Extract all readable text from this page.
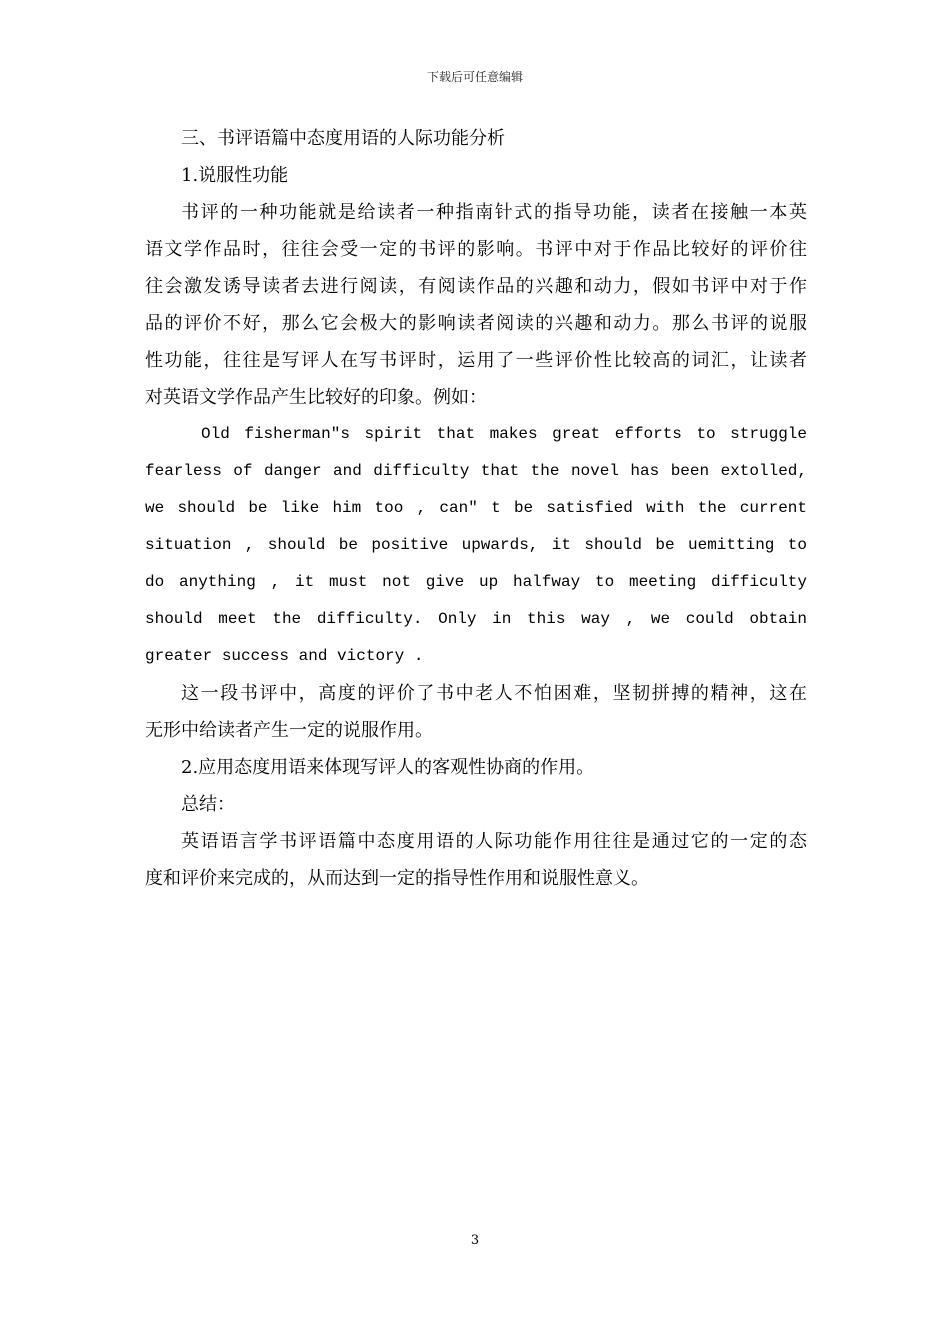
下载后可任意编辑
三、书评语篇中态度用语的人际功能分析
1.说服性功能
书评的一种功能就是给读者一种指南针式的指导功能，读者在接触一本英
语文学作品时，往往会受一定的书评的影响。书评中对于作品比较好的评价往
往会激发诱导读者去进行阅读，有阅读作品的兴趣和动力，假如书评中对于作
品的评价不好，那么它会极大的影响读者阅读的兴趣和动力。那么书评的说服
性功能，往往是写评人在写书评时，运用了一些评价性比较高的词汇，让读者
对英语文学作品产生比较好的印象。例如：
Old fisherman″s spirit that makes great efforts to struggle
fearless of danger and difficulty that the novel has been extolled,
we should be like him too , can″ t be satisfied with the current
situation , should be positive upwards, it should be uemitting to
do anything , it must not give up halfway to meeting difficulty
should meet the difficulty. Only in this way , we could obtain
greater success and victory .
这一段书评中，高度的评价了书中老人不怕困难，坚韧拼搏的精神，这在
无形中给读者产生一定的说服作用。
2.应用态度用语来体现写评人的客观性协商的作用。
总结：
英语语言学书评语篇中态度用语的人际功能作用往往是通过它的一定的态
度和评价来完成的，从而达到一定的指导性作用和说服性意义。
3
